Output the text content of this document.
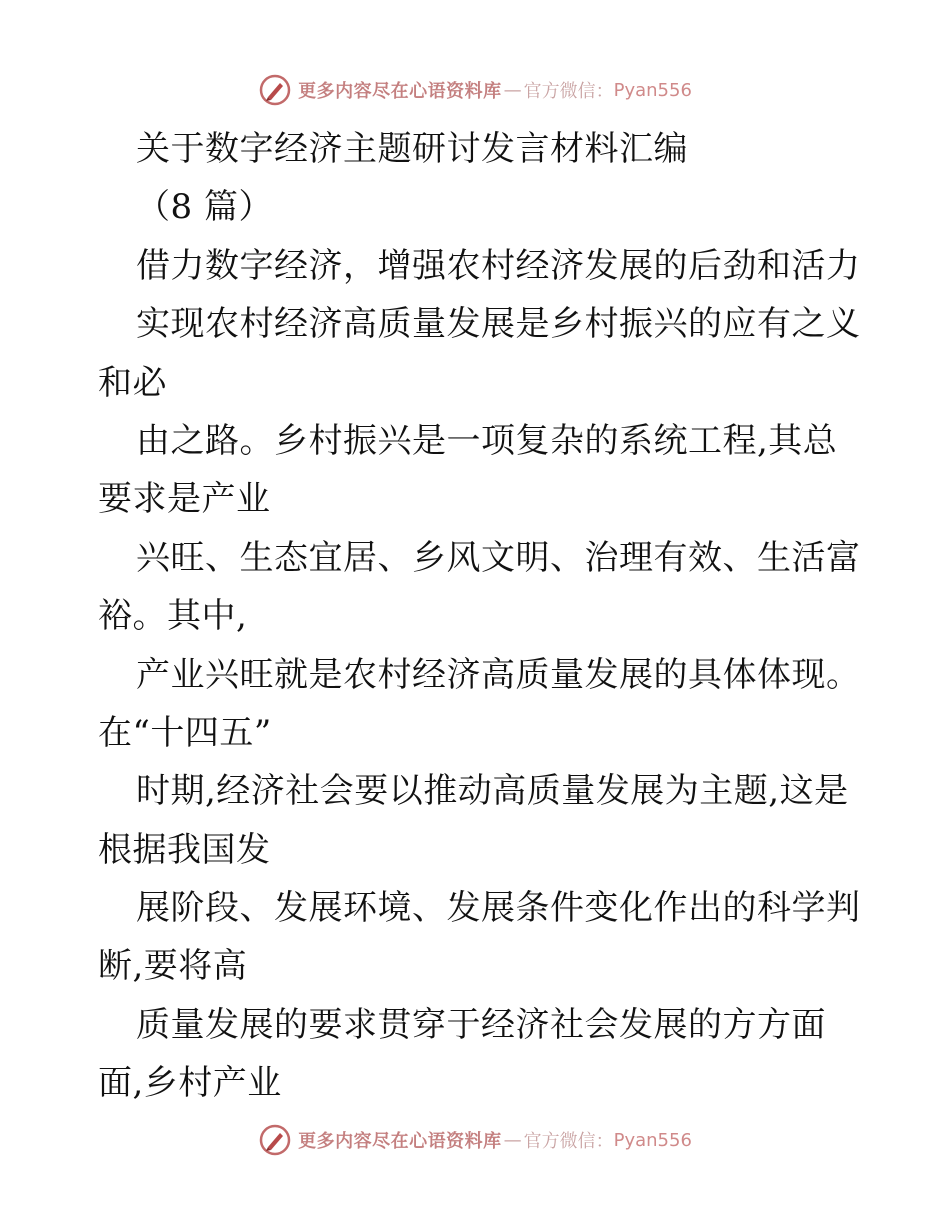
更多内容尽在心语资料库 — 官方微信： Pyan556
关于数字经济主题研讨发言材料汇编
（8 篇）
借力数字经济，增强农村经济发展的后劲和活力
实现农村经济高质量发展是乡村振兴的应有之义
和必
由之路。乡村振兴是一项复杂的系统工程,其总
要求是产业
兴旺、生态宜居、乡风文明、治理有效、生活富
裕。其中,
产业兴旺就是农村经济高质量发展的具体体现。
在“十四五”
时期,经济社会要以推动高质量发展为主题,这是
根据我国发
展阶段、发展环境、发展条件变化作出的科学判
断,要将高
质量发展的要求贯穿于经济社会发展的方方面
面,乡村产业
更多内容尽在心语资料库 — 官方微信： Pyan556
